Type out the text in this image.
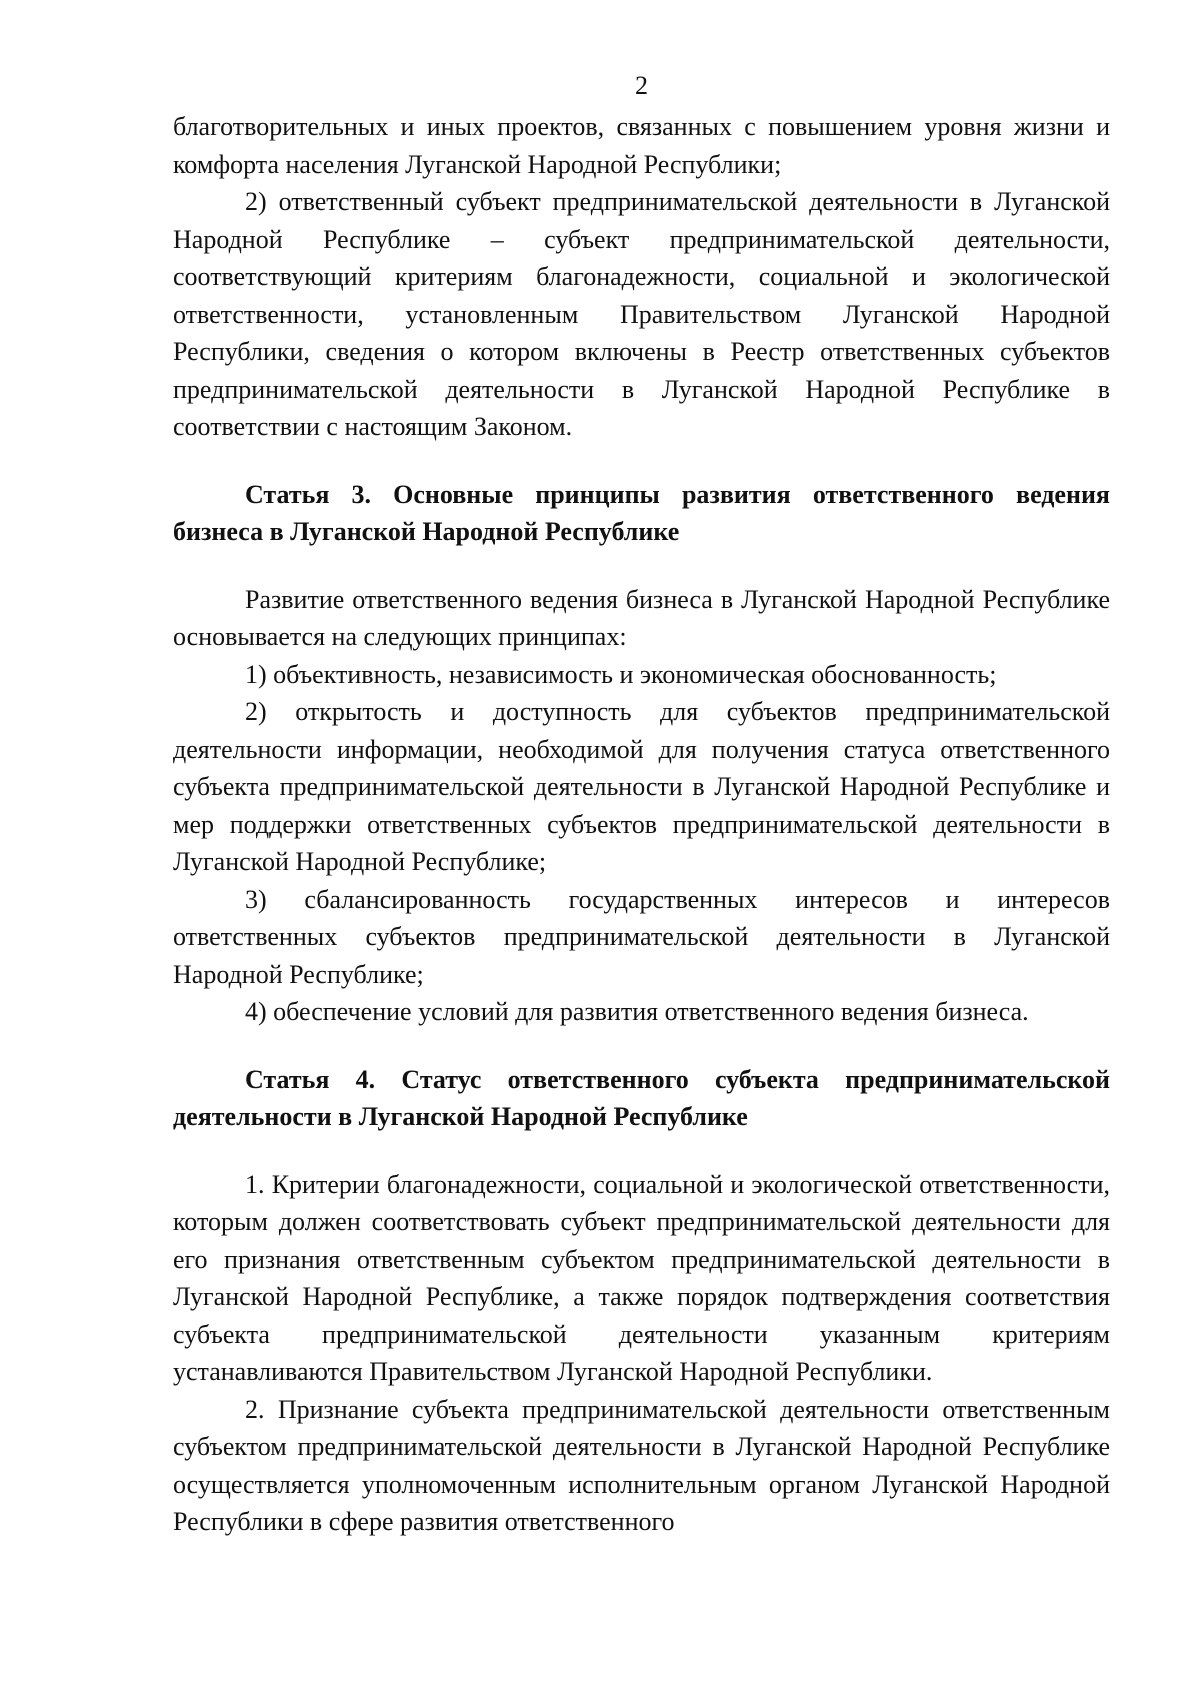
2

благотворительных и иных проектов, связанных с повышением уровня жизни и комфорта населения Луганской Народной Республики;

2) ответственный субъект предпринимательской деятельности в Луганской Народной Республике – субъект предпринимательской деятельности, соответствующий критериям благонадежности, социальной и экологической ответственности, установленным Правительством Луганской Народной Республики, сведения о котором включены в Реестр ответственных субъектов предпринимательской деятельности в Луганской Народной Республике в соответствии с настоящим Законом.

Статья 3. Основные принципы развития ответственного ведения бизнеса в Луганской Народной Республике

Развитие ответственного ведения бизнеса в Луганской Народной Республике основывается на следующих принципах:

1) объективность, независимость и экономическая обоснованность;

2) открытость и доступность для субъектов предпринимательской деятельности информации, необходимой для получения статуса ответственного субъекта предпринимательской деятельности в Луганской Народной Республике и мер поддержки ответственных субъектов предпринимательской деятельности в Луганской Народной Республике;

3) сбалансированность государственных интересов и интересов ответственных субъектов предпринимательской деятельности в Луганской Народной Республике;

4) обеспечение условий для развития ответственного ведения бизнеса.

Статья 4. Статус ответственного субъекта предпринимательской деятельности в Луганской Народной Республике

1. Критерии благонадежности, социальной и экологической ответственности, которым должен соответствовать субъект предпринимательской деятельности для его признания ответственным субъектом предпринимательской деятельности в Луганской Народной Республике, а также порядок подтверждения соответствия субъекта предпринимательской деятельности указанным критериям устанавливаются Правительством Луганской Народной Республики.

2. Признание субъекта предпринимательской деятельности ответственным субъектом предпринимательской деятельности в Луганской Народной Республике осуществляется уполномоченным исполнительным органом Луганской Народной Республики в сфере развития ответственного
